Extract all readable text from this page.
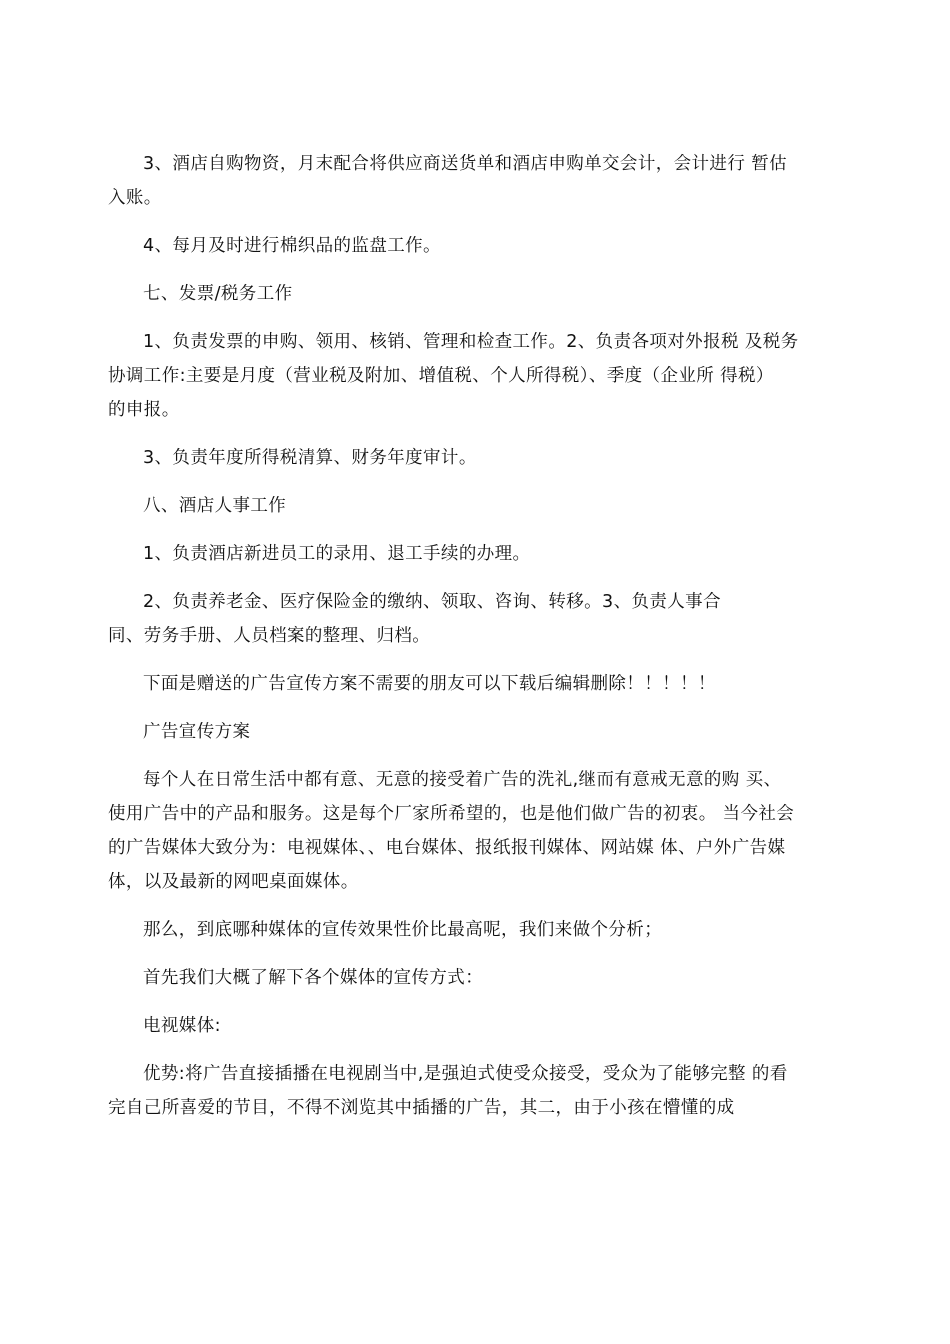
3、酒店自购物资，月末配合将供应商送货单和酒店申购单交会计，会计进行 暂估
入账。

4、每月及时进行棉织品的监盘工作。

七、发票/税务工作

1、负责发票的申购、领用、核销、管理和检查工作。2、负责各项对外报税 及税务
协调工作:主要是月度（营业税及附加、增值税、个人所得税）、季度（企业所 得税）
的申报。

3、负责年度所得税清算、财务年度审计。

八、酒店人事工作

1、负责酒店新进员工的录用、退工手续的办理。

2、负责养老金、医疗保险金的缴纳、领取、咨询、转移。3、负责人事合
同、劳务手册、人员档案的整理、归档。

下面是赠送的广告宣传方案不需要的朋友可以下载后编辑删除！！！！！

广告宣传方案

每个人在日常生活中都有意、无意的接受着广告的洗礼,继而有意戒无意的购 买、
使用广告中的产品和服务。这是每个厂家所希望的，也是他们做广告的初衷。 当今社会
的广告媒体大致分为：电视媒体、、电台媒体、报纸报刊媒体、网站媒 体、户外广告媒
体，以及最新的网吧桌面媒体。

那么，到底哪种媒体的宣传效果性价比最高呢，我们来做个分析；

首先我们大概了解下各个媒体的宣传方式：

电视媒体:

优势:将广告直接插播在电视剧当中,是强迫式使受众接受，受众为了能够完整 的看
完自己所喜爱的节目，不得不浏览其中插播的广告，其二，由于小孩在懵懂的成
